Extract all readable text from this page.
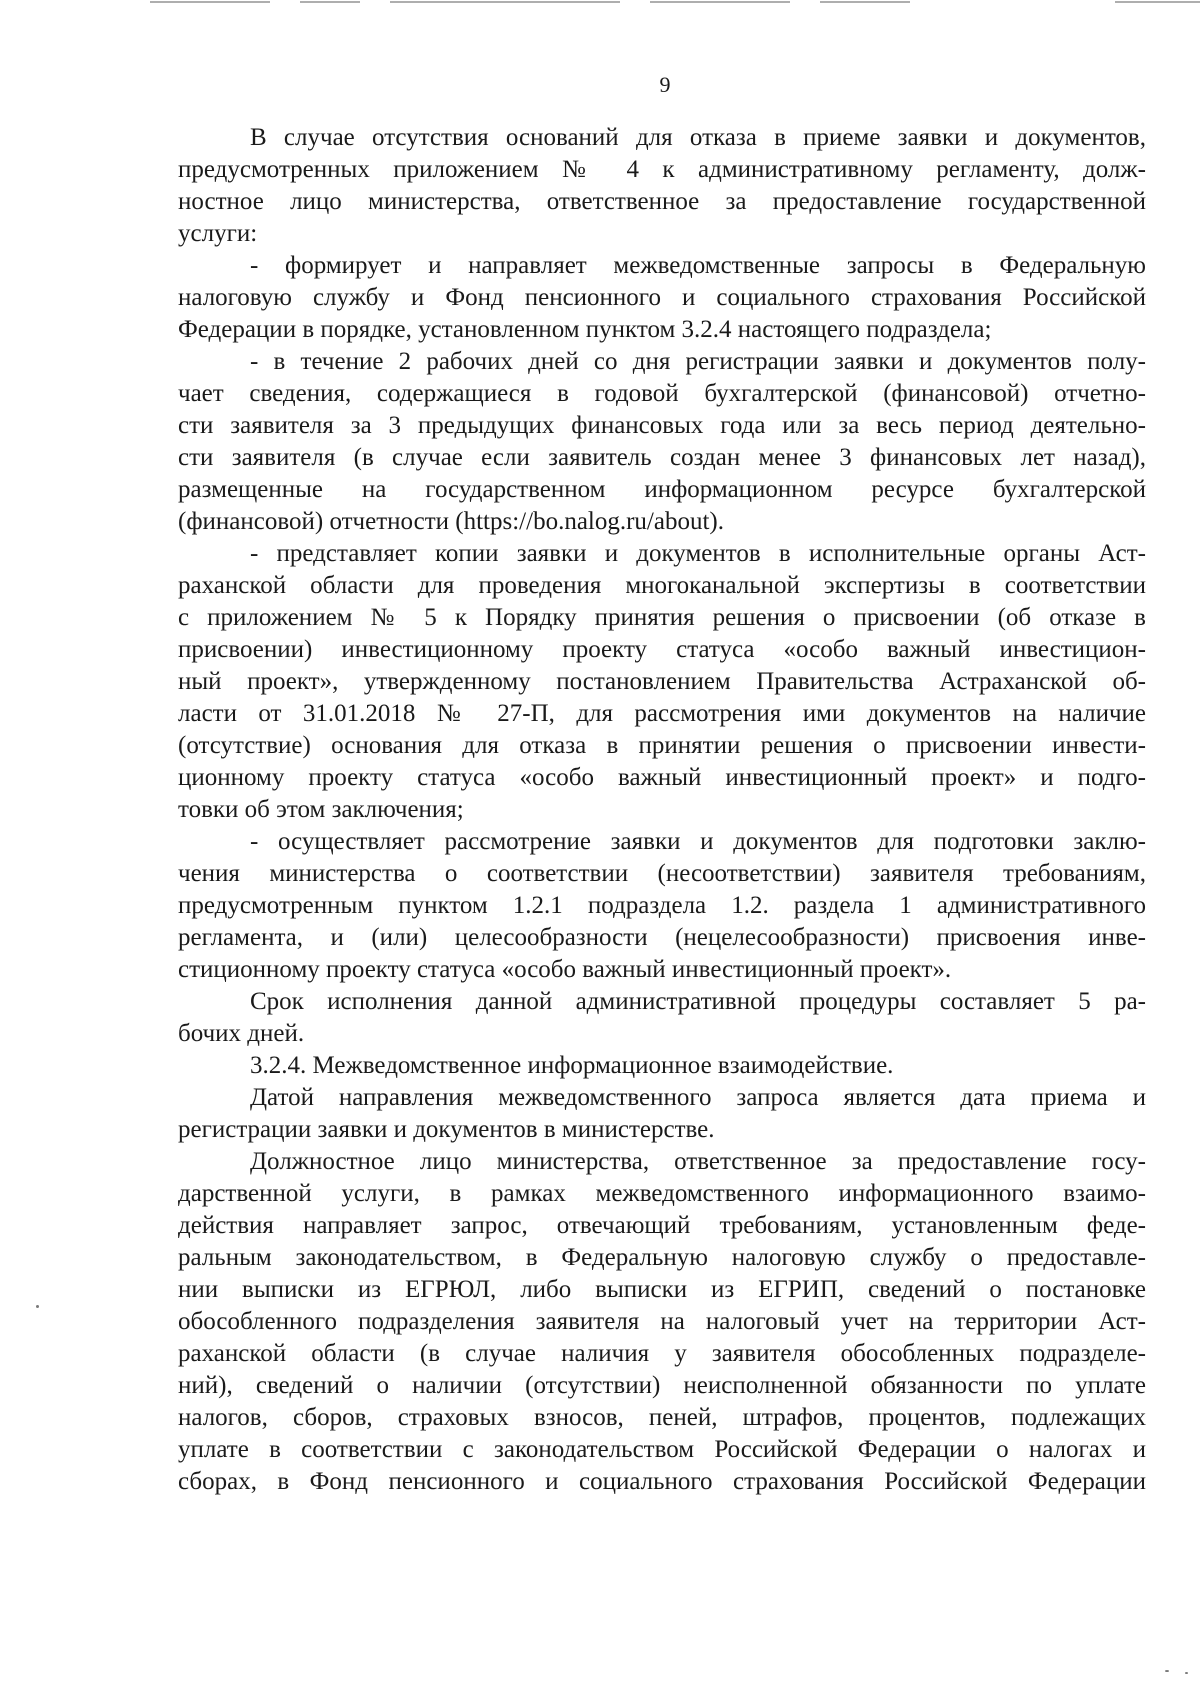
9
В случае отсутствия оснований для отказа в приеме заявки и документов,
предусмотренных приложением № 4 к административному регламенту, долж-
ностное лицо министерства, ответственное за предоставление государственной
услуги:
- формирует и направляет межведомственные запросы в Федеральную
налоговую службу и Фонд пенсионного и социального страхования Российской
Федерации в порядке, установленном пунктом 3.2.4 настоящего подраздела;
- в течение 2 рабочих дней со дня регистрации заявки и документов полу-
чает сведения, содержащиеся в годовой бухгалтерской (финансовой) отчетно-
сти заявителя за 3 предыдущих финансовых года или за весь период деятельно-
сти заявителя (в случае если заявитель создан менее 3 финансовых лет назад),
размещенные на государственном информационном ресурсе бухгалтерской
(финансовой) отчетности (https://bo.nalog.ru/about).
- представляет копии заявки и документов в исполнительные органы Аст-
раханской области для проведения многоканальной экспертизы в соответствии
с приложением № 5 к Порядку принятия решения о присвоении (об отказе в
присвоении) инвестиционному проекту статуса «особо важный инвестицион-
ный проект», утвержденному постановлением Правительства Астраханской об-
ласти от 31.01.2018 № 27-П, для рассмотрения ими документов на наличие
(отсутствие) основания для отказа в принятии решения о присвоении инвести-
ционному проекту статуса «особо важный инвестиционный проект» и подго-
товки об этом заключения;
- осуществляет рассмотрение заявки и документов для подготовки заклю-
чения министерства о соответствии (несоответствии) заявителя требованиям,
предусмотренным пунктом 1.2.1 подраздела 1.2. раздела 1 административного
регламента, и (или) целесообразности (нецелесообразности) присвоения инве-
стиционному проекту статуса «особо важный инвестиционный проект».
Срок исполнения данной административной процедуры составляет 5 ра-
бочих дней.
3.2.4. Межведомственное информационное взаимодействие.
Датой направления межведомственного запроса является дата приема и
регистрации заявки и документов в министерстве.
Должностное лицо министерства, ответственное за предоставление госу-
дарственной услуги, в рамках межведомственного информационного взаимо-
действия направляет запрос, отвечающий требованиям, установленным феде-
ральным законодательством, в Федеральную налоговую службу о предоставле-
нии выписки из ЕГРЮЛ, либо выписки из ЕГРИП, сведений о постановке
обособленного подразделения заявителя на налоговый учет на территории Аст-
раханской области (в случае наличия у заявителя обособленных подразделе-
ний), сведений о наличии (отсутствии) неисполненной обязанности по уплате
налогов, сборов, страховых взносов, пеней, штрафов, процентов, подлежащих
уплате в соответствии с законодательством Российской Федерации о налогах и
сборах, в Фонд пенсионного и социального страхования Российской Федерации
